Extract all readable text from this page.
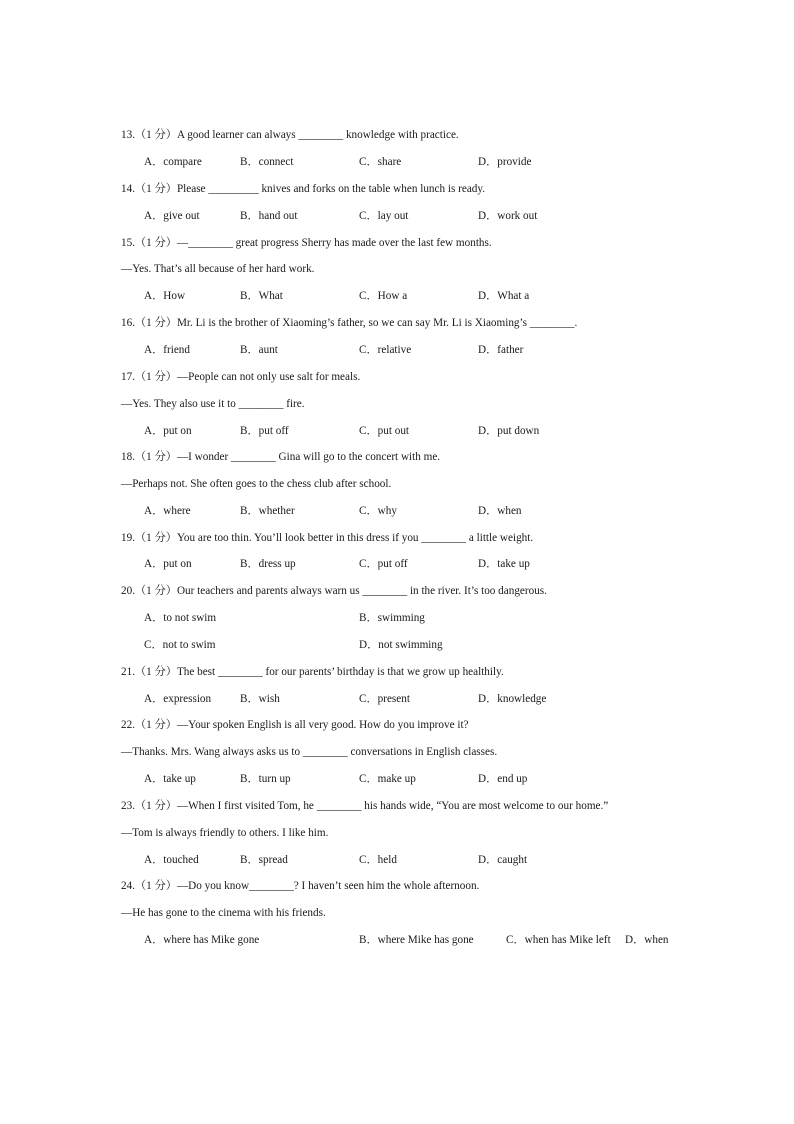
13.（1 分）A good learner can always ________ knowledge with practice.
A．compare	B．connect	C．share	D．provide
14.（1 分）Please _________ knives and forks on the table when lunch is ready.
A．give out	B．hand out	C．lay out	D．work out
15.（1 分）—________ great progress Sherry has made over the last few months.
—Yes. That’s all because of her hard work.
A．How	B．What	C．How a	D．What a
16.（1 分）Mr. Li is the brother of Xiaoming’s father, so we can say Mr. Li is Xiaoming’s ________.
A．friend	B．aunt	C．relative	D．father
17.（1 分）—People can not only use salt for meals.
—Yes. They also use it to ________ fire.
A．put on	B．put off	C．put out	D．put down
18.（1 分）—I wonder ________ Gina will go to the concert with me.
—Perhaps not. She often goes to the chess club after school.
A．where	B．whether	C．why	D．when
19.（1 分）You are too thin. You’ll look better in this dress if you ________ a little weight.
A．put on	B．dress up	C．put off	D．take up
20.（1 分）Our teachers and parents always warn us ________ in the river. It’s too dangerous.
A．to not swim	B．swimming
C．not to swim	D．not swimming
21.（1 分）The best ________ for our parents’ birthday is that we grow up healthily.
A．expression	B．wish	C．present	D．knowledge
22.（1 分）—Your spoken English is all very good. How do you improve it?
—Thanks. Mrs. Wang always asks us to ________ conversations in English classes.
A．take up	B．turn up	C．make up	D．end up
23.（1 分）—When I first visited Tom, he ________ his hands wide, “You are most welcome to our home.”
—Tom is always friendly to others. I like him.
A．touched	B．spread	C．held	D．caught
24.（1 分）—Do you know________? I haven’t seen him the whole afternoon.
—He has gone to the cinema with his friends.
A．where has Mike gone	B．where Mike has gone	C．when has Mike left D．when
